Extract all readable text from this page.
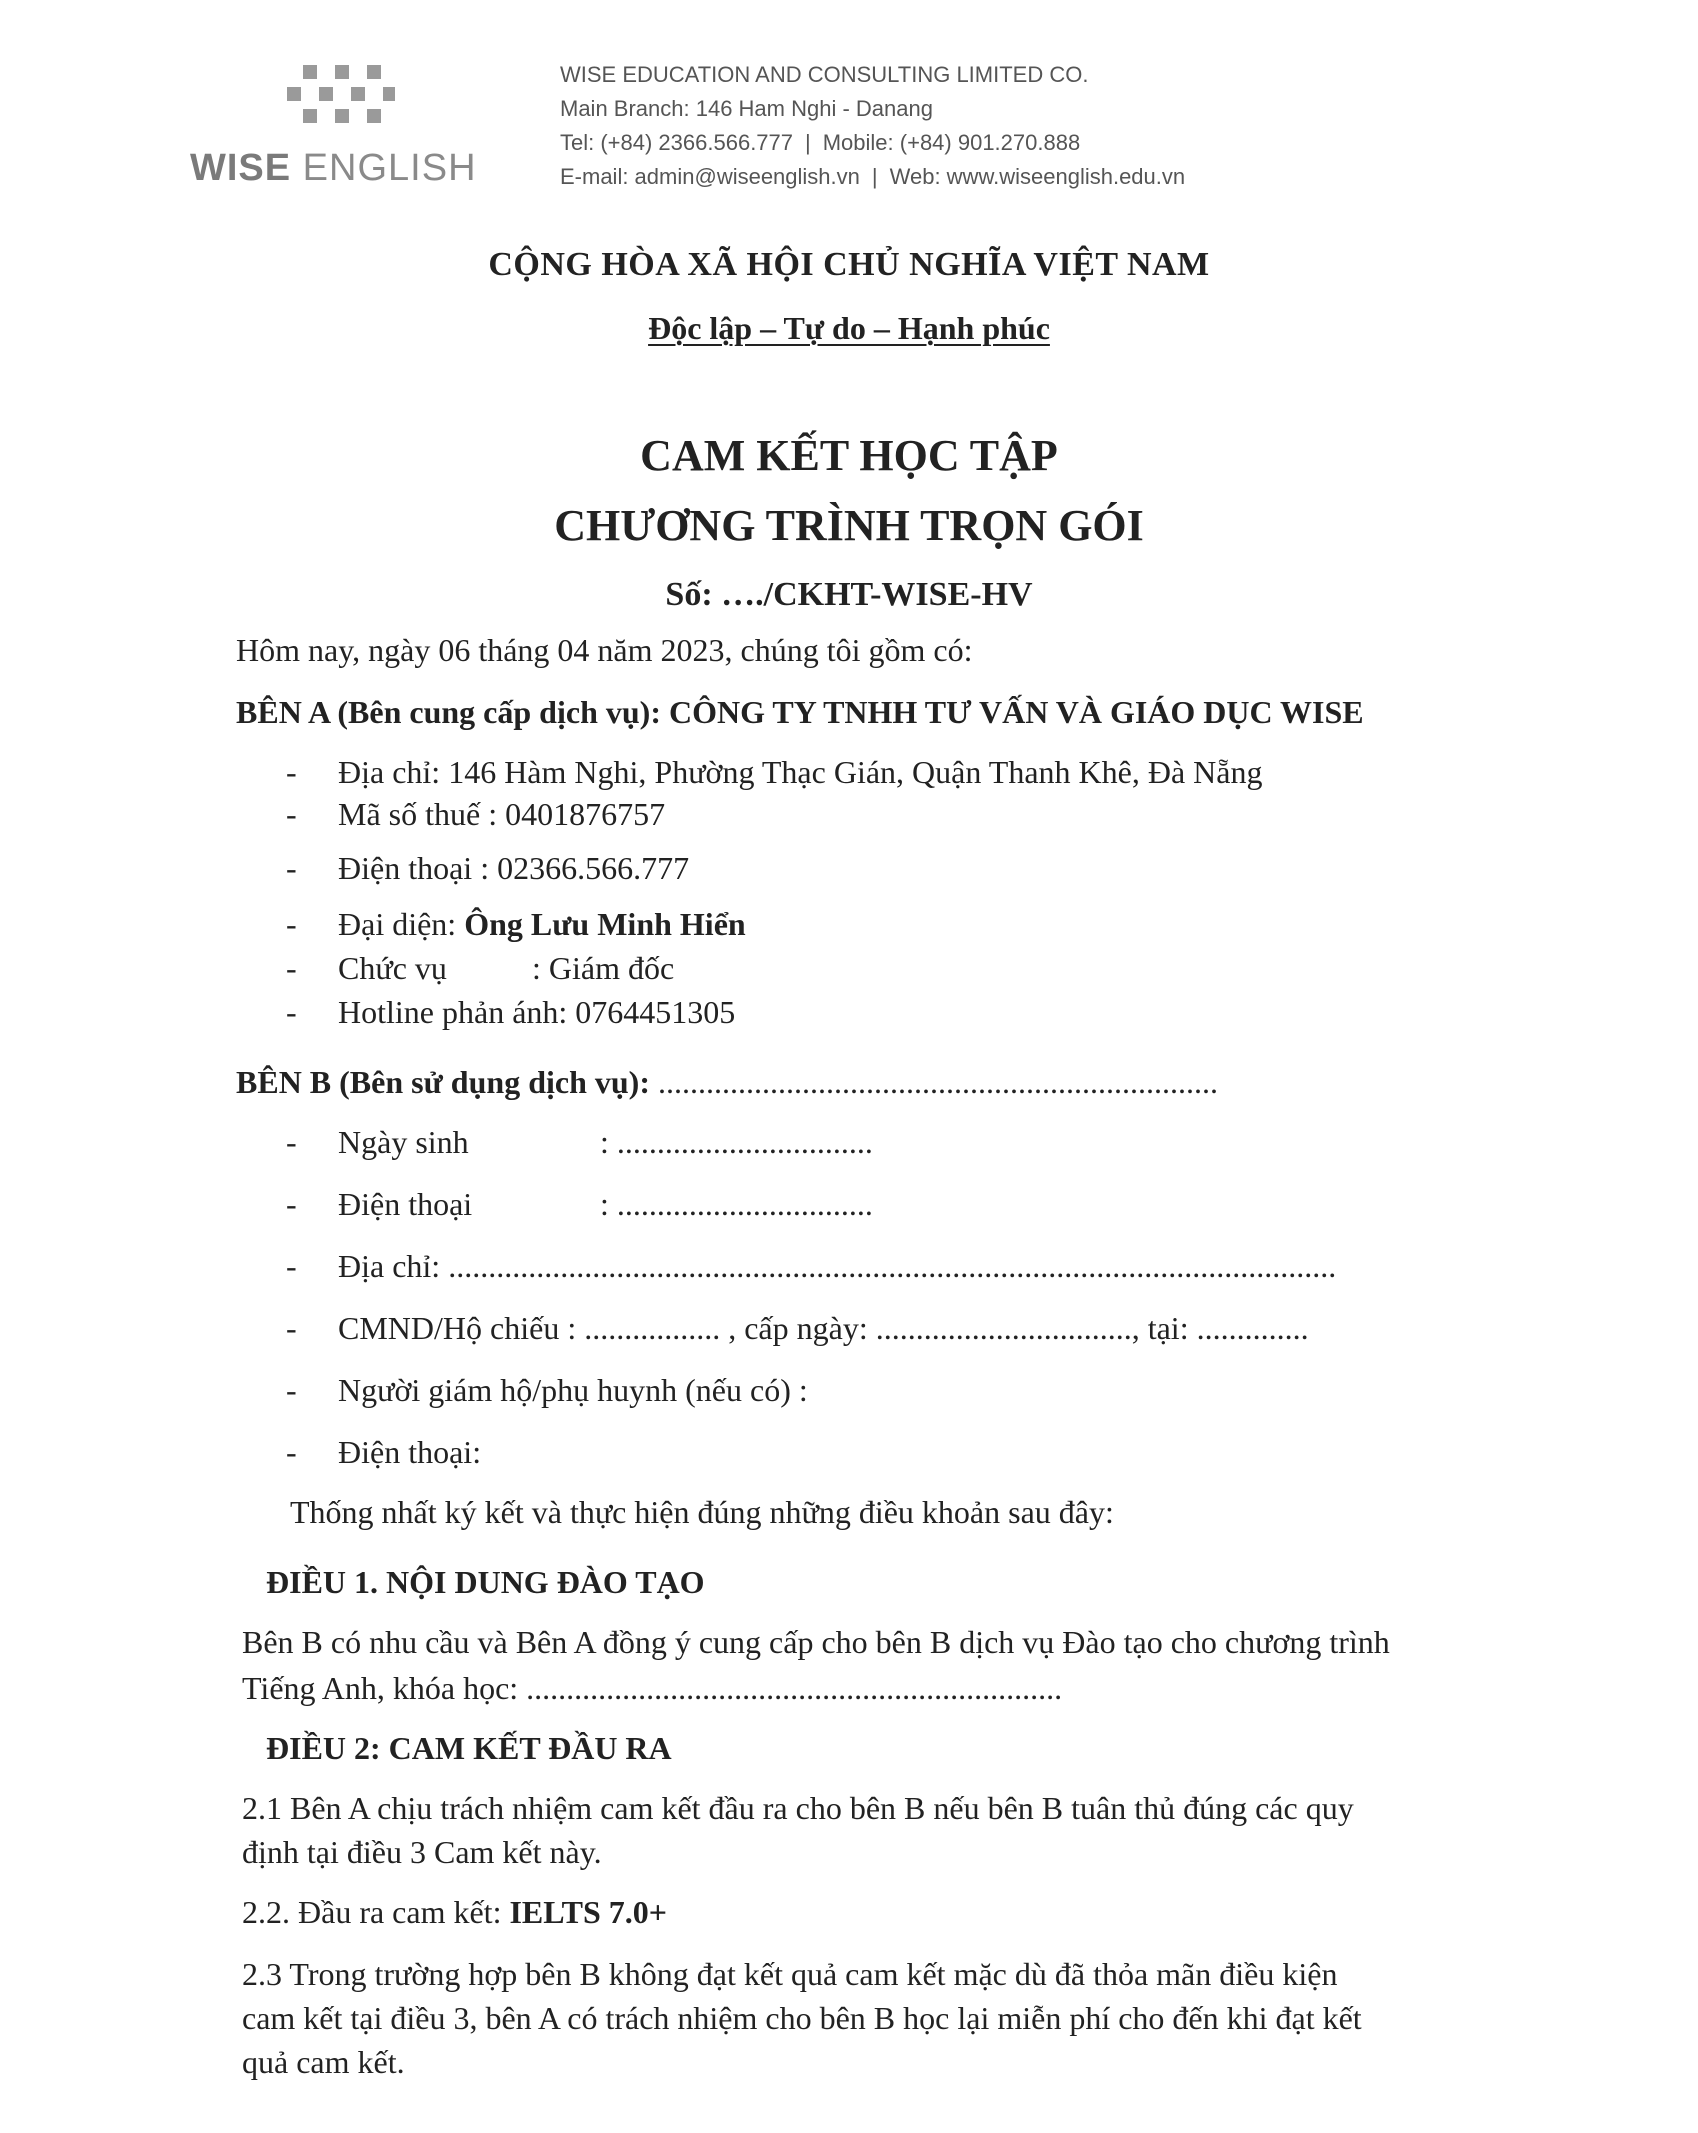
WISE ENGLISH
WISE EDUCATION AND CONSULTING LIMITED CO.
Main Branch: 146 Ham Nghi - Danang
Tel: (+84) 2366.566.777 | Mobile: (+84) 901.270.888
E-mail: admin@wiseenglish.vn | Web: www.wiseenglish.edu.vn
CỘNG HÒA XÃ HỘI CHỦ NGHĨA VIỆT NAM
Độc lập – Tự do – Hạnh phúc
CAM KẾT HỌC TẬP
CHƯƠNG TRÌNH TRỌN GÓI
Số: …./CKHT-WISE-HV
Hôm nay, ngày 06 tháng 04 năm 2023, chúng tôi gồm có:
BÊN A (Bên cung cấp dịch vụ): CÔNG TY TNHH TƯ VẤN VÀ GIÁO DỤC WISE
- Địa chỉ: 146 Hàm Nghi, Phường Thạc Gián, Quận Thanh Khê, Đà Nẵng
- Mã số thuế : 0401876757
- Điện thoại : 02366.566.777
- Đại diện: Ông Lưu Minh Hiển
- Chức vụ	: Giám đốc
- Hotline phản ánh: 0764451305
BÊN B (Bên sử dụng dịch vụ): ......................................................................
- Ngày sinh	: ................................
- Điện thoại	: ................................
- Địa chỉ: ...............................................................................................................
- CMND/Hộ chiếu : ................. , cấp ngày: ................................, tại: ..............
- Người giám hộ/phụ huynh (nếu có) :
- Điện thoại:
Thống nhất ký kết và thực hiện đúng những điều khoản sau đây:
ĐIỀU 1. NỘI DUNG ĐÀO TẠO
Bên B có nhu cầu và Bên A đồng ý cung cấp cho bên B dịch vụ Đào tạo cho chương trình
Tiếng Anh, khóa học: ...................................................................
ĐIỀU 2: CAM KẾT ĐẦU RA
2.1 Bên A chịu trách nhiệm cam kết đầu ra cho bên B nếu bên B tuân thủ đúng các quy
định tại điều 3 Cam kết này.
2.2. Đầu ra cam kết: IELTS 7.0+
2.3 Trong trường hợp bên B không đạt kết quả cam kết mặc dù đã thỏa mãn điều kiện
cam kết tại điều 3, bên A có trách nhiệm cho bên B học lại miễn phí cho đến khi đạt kết
quả cam kết.
